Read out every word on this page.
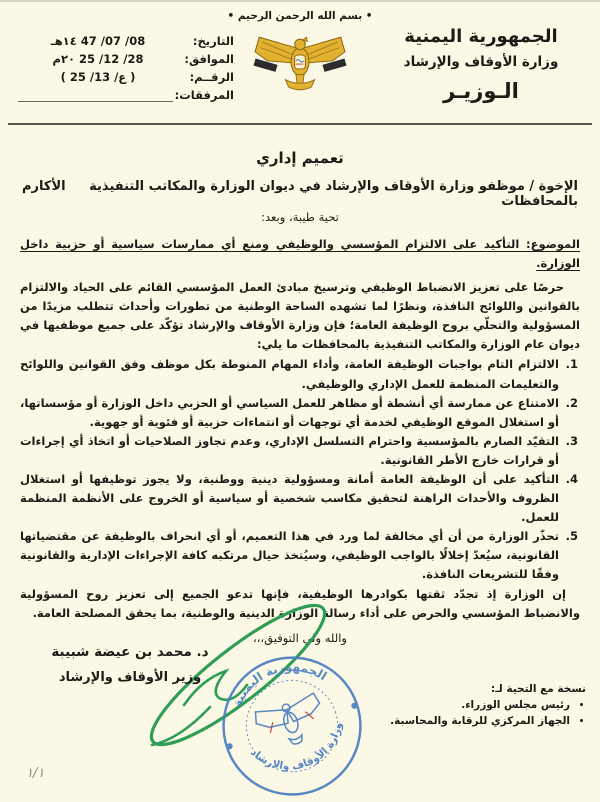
الجمهورية اليمنية
وزارة الأوقاف والإرشاد
الـوزيـر
• بسم الله الرحمن الرحيم •
التاريخ:
08/ 07/ 47 ١٤هـ
الموافق:
28/ 12/ 25 ٢٠م
الرقــم:
( ع/ 13/ 25 )
المرفقات:
تعميم إداري
الإخوة / موظفو وزارة الأوقاف والإرشاد في ديوان الوزارة والمكاتب التنفيذية بالمحافظات
الأكارم
تحية طيبة، وبعد:

الموضوع: التأكيد على الالتزام المؤسسي والوظيفي ومنع أي ممارسات سياسية أو حزبية داخل الوزارة.

حرصًا على تعزيز الانضباط الوظيفي وترسيخ مبادئ العمل المؤسسي القائم على الحياد والالتزام بالقوانين واللوائح النافذة، ونظرًا لما تشهده الساحة الوطنية من تطورات وأحداث تتطلب مزيدًا من المسؤولية والتحلّي بروح الوظيفة العامة؛ فإن وزارة الأوقاف والإرشاد تؤكّد على جميع موظفيها في ديوان عام الوزارة والمكاتب التنفيذية بالمحافظات ما يلي:

1.
الالتزام التام بواجبات الوظيفة العامة، وأداء المهام المنوطة بكل موظف وفق القوانين واللوائح والتعليمات المنظمة للعمل الإداري والوظيفي.
2.
الامتناع عن ممارسة أي أنشطة أو مظاهر للعمل السياسي أو الحزبي داخل الوزارة أو مؤسساتها، أو استغلال الموقع الوظيفي لخدمة أي توجهات أو انتماءات حزبية أو فئوية أو جهوية.
3.
التقيّد الصارم بالمؤسسية واحترام التسلسل الإداري، وعدم تجاوز الصلاحيات أو اتخاذ أي إجراءات أو قرارات خارج الأطر القانونية.
4.
التأكيد على أن الوظيفة العامة أمانة ومسؤولية دينية ووطنية، ولا يجوز توظيفها أو استغلال الظروف والأحداث الراهنة لتحقيق مكاسب شخصية أو سياسية أو الخروج على الأنظمة المنظمة للعمل.
5.
تحذّر الوزارة من أن أي مخالفة لما ورد في هذا التعميم، أو أي انحراف بالوظيفة عن مقتضياتها القانونية، سيُعدّ إخلالًا بالواجب الوظيفي، وسيُتخذ حيال مرتكبه كافة الإجراءات الإدارية والقانونية وفقًا للتشريعات النافذة.

إن الوزارة إذ تجدّد ثقتها بكوادرها الوظيفية، فإنها تدعو الجميع إلى تعزيز روح المسؤولية والانضباط المؤسسي والحرص على أداء رسالة الوزارة الدينية والوطنية، بما يحقق المصلحة العامة.

والله ولي التوفيق،،،

د. محمد بن عيضة شبيبة
وزير الأوقاف والإرشاد
الجمهورية اليمنية
وزارة الأوقاف والارشاد
نسخة مع التحية لـ:
• رئيس مجلس الوزراء.
• الجهاز المركزي للرقابة والمحاسبة.
١/١
